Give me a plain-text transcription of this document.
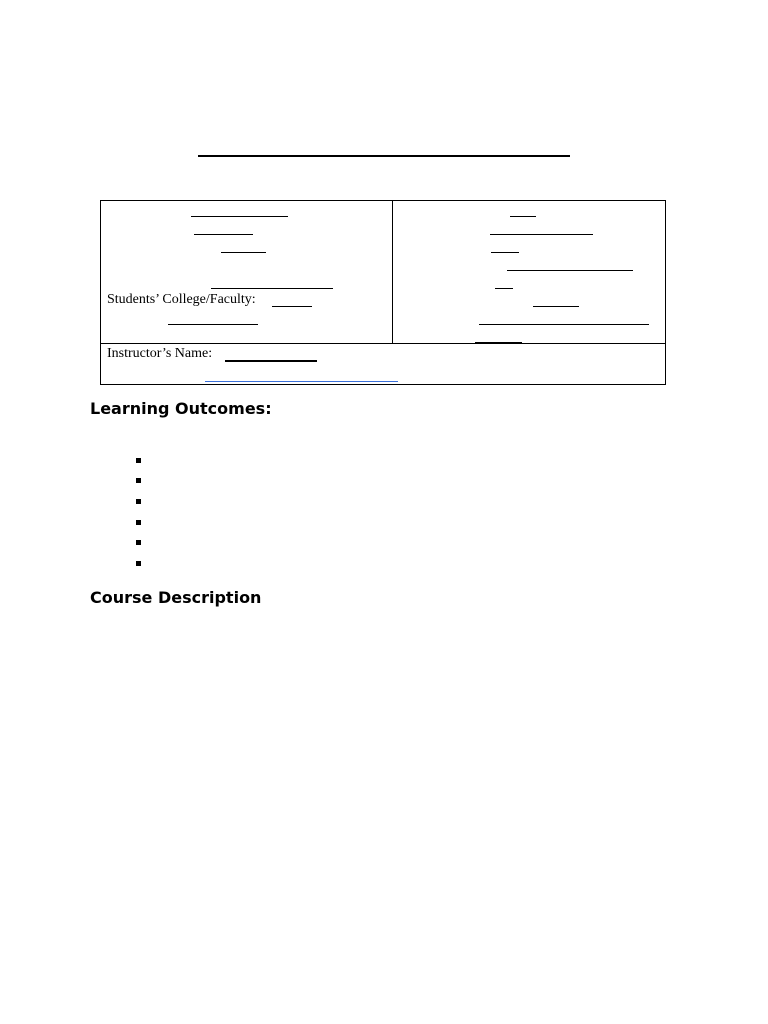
Students’ College/Faculty:
Instructor’s Name:
Learning Outcomes:
Course Description
